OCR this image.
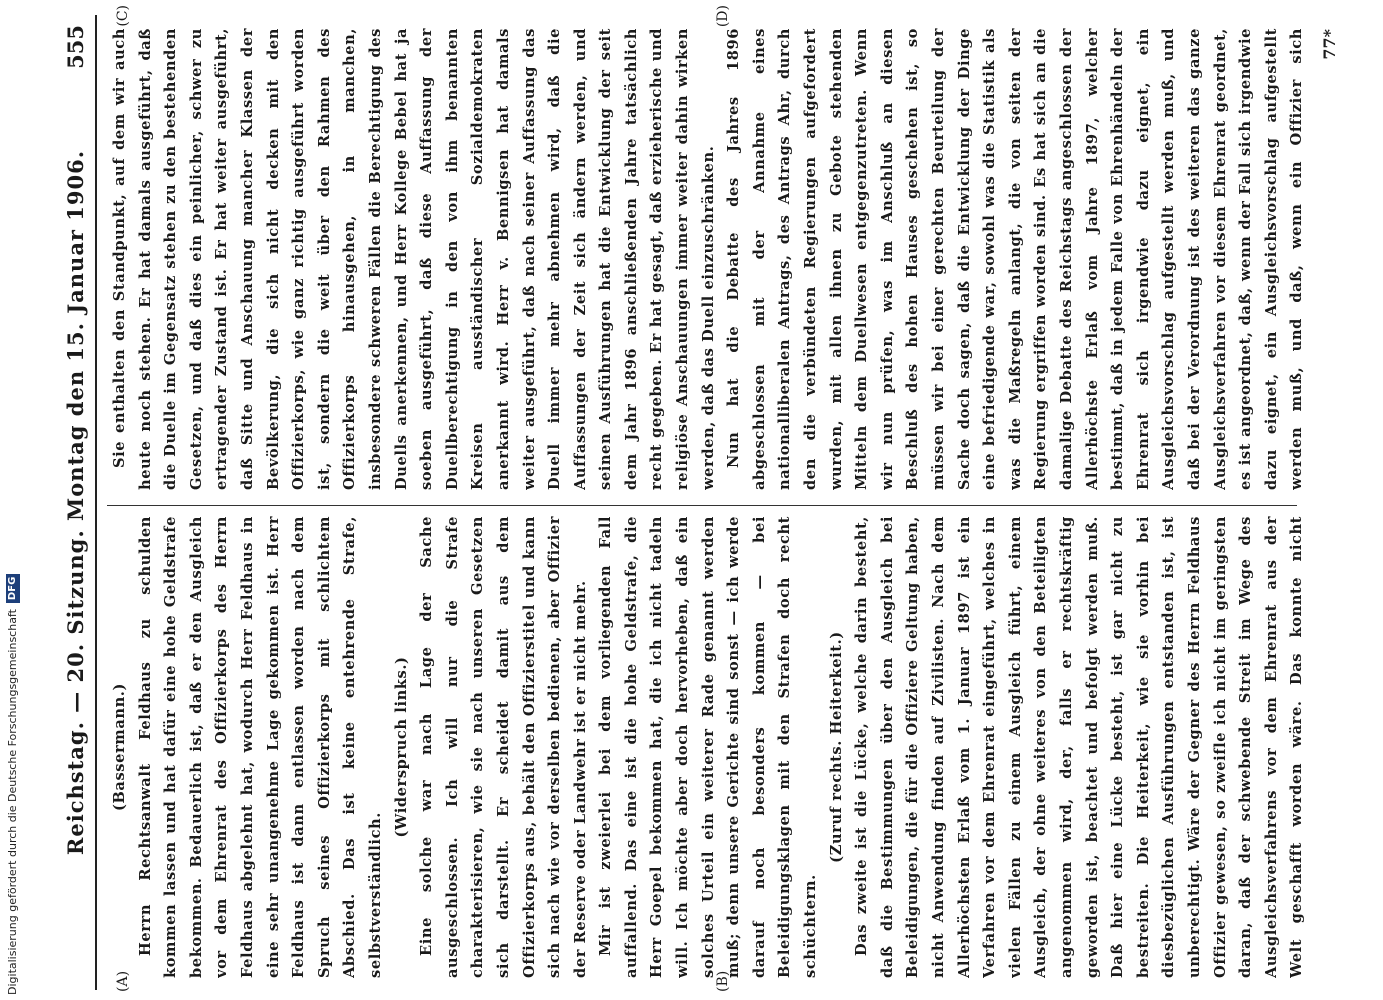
Reichstag. — 20. Sitzung. Montag den 15. Januar 1906.
555
(A)	(B)
(C)	(D)

(Bassermann.) Herrn Rechtsanwalt Feldhaus zu schulden kommen lassen und hat dafür eine hohe Geldstrafe bekommen. Bedauerlich ist, daß er den Ausgleich vor dem Ehrenrat des Offizierkorps des Herrn Feldhaus abgelehnt hat, wodurch Herr Feldhaus in eine sehr unangenehme Lage gekommen ist. Herr Feldhaus ist dann entlassen worden nach dem Spruch seines Offizierkorps mit schlichtem Abschied. Das ist keine entehrende Strafe, selbstverständlich.

(Widerspruch links.) Eine solche war nach Lage der Sache ausgeschlossen. Ich will nur die Strafe charakterisieren, wie sie nach unseren Gesetzen sich darstellt. Er scheidet damit aus dem Offizierkorps aus, behält den Offizierstitel und kann sich nach wie vor derselben bedienen, aber Offizier der Reserve oder Landwehr ist er nicht mehr. Mir ist zweierlei bei dem vorliegenden Fall auffallend. Das eine ist die hohe Geldstrafe, die Herr Goepel bekommen hat, die ich nicht tadeln will. Ich möchte aber doch hervorheben, daß ein solches Urteil ein weiterer Rade genannt werden muß; denn unsere Gerichte sind sonst — ich werde darauf noch besonders kommen — bei Beleidigungsklagen mit den Strafen doch recht schüchtern.

(Zuruf rechts. Heiterkeit.)

Das zweite ist die Lücke, welche darin besteht, daß die Bestimmungen über den Ausgleich bei Beleidigungen, die für die Offiziere Geltung haben, nicht Anwendung finden auf Zivilisten. Nach dem Allerhöchsten Erlaß vom 1. Januar 1897 ist ein Verfahren vor dem Ehrenrat eingeführt, welches in vielen Fällen zu einem Ausgleich führt, einem Ausgleich, der ohne weiteres von den Beteiligten angenommen wird, der, falls er rechtskräftig geworden ist, beachtet und befolgt werden muß. Daß hier eine Lücke besteht, ist gar nicht zu bestreiten. Die Heiterkeit, wie sie vorhin bei diesbezüglichen Ausführungen entstanden ist, ist unberechtigt. Wäre der Gegner des Herrn Feldhaus Offizier gewesen, so zweifle ich nicht im geringsten daran, daß der schwebende Streit im Wege des Ausgleichsverfahrens vor dem Ehrenrat aus der Welt geschafft worden wäre. Das konnte nicht

Sie enthalten den Standpunkt, auf dem wir auch heute noch stehen. Er hat damals ausgeführt, daß die Duelle im Gegensatz stehen zu den bestehenden Gesetzen, und daß dies ein peinlicher, schwer zu ertragender Zustand ist. Er hat weiter ausgeführt, daß Sitte und Anschauung mancher Klassen der Bevölkerung, die sich nicht decken mit den Offizierkorps, wie ganz richtig ausgeführt worden ist, sondern die weit über den Rahmen des Offizierkorps hinausgehen, in manchen, insbesondere schweren Fällen die Berechtigung des Duells anerkennen, und Herr Kollege Bebel hat ja soeben ausgeführt, daß diese Auffassung der Duellberechtigung in den von ihm benannten Kreisen ausständischer Sozialdemokraten anerkannt wird. Herr v. Bennigsen hat damals weiter ausgeführt, daß nach seiner Auffassung das Duell immer mehr abnehmen wird, daß die Auffassungen der Zeit sich ändern werden, und seinen Ausführungen hat die Entwicklung der seit dem Jahr 1896 anschließenden Jahre tatsächlich recht gegeben. Er hat gesagt, daß erzieherische und religiöse Anschauungen immer weiter dahin wirken werden, daß das Duell einzuschränken. Nun hat die Debatte des Jahres 1896 abgeschlossen mit der Annahme eines nationalliberalen Antrags, des Antrags Ahr, durch den die verbündeten Regierungen aufgefordert wurden, mit allen ihnen zu Gebote stehenden Mitteln dem Duellwesen entgegenzutreten. Wenn wir nun prüfen, was im Anschluß an diesen Beschluß des hohen Hauses geschehen ist, so müssen wir bei einer gerechten Beurteilung der Sache doch sagen, daß die Entwicklung der Dinge eine befriedigende war, sowohl was die Statistik als was die Maßregeln anlangt, die von seiten der Regierung ergriffen worden sind. Es hat sich an die damalige Debatte des Reichstags angeschlossen der Allerhöchste Erlaß vom Jahre 1897, welcher bestimmt, daß in jedem Falle von Ehrenhändeln der Ehrenrat sich irgendwie dazu eignet, ein Ausgleichsvorschlag aufgestellt werden muß, und daß bei der Verordnung ist des weiteren das ganze Ausgleichsverfahren vor diesem Ehrenrat geordnet, es ist angeordnet, daß, wenn der Fall sich irgendwie dazu eignet, ein Ausgleichsvorschlag aufgestellt werden muß, und daß, wenn ein Offizier sich 77*
Digitalisierung gefördert durch die Deutsche ForschungsgemeinschaftDFG
